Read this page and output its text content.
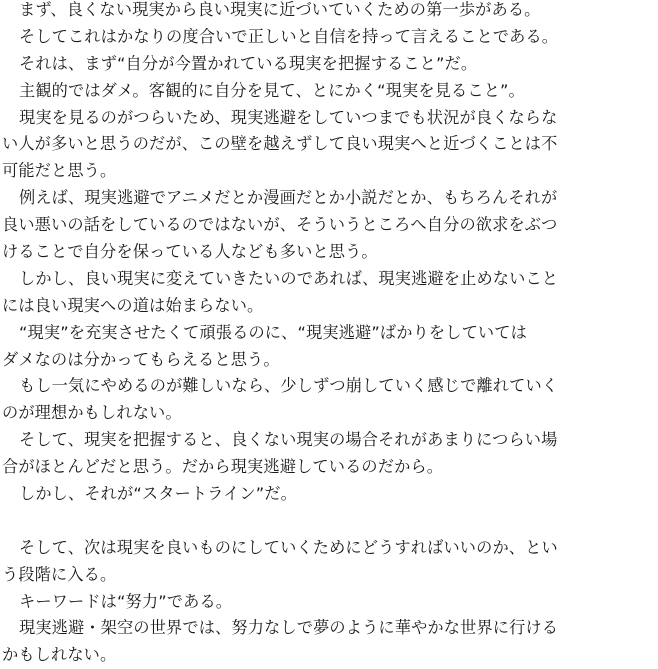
まず、良くない現実から良い現実に近づいていくための第一歩がある。
そしてこれはかなりの度合いで正しいと自信を持って言えることである。
それは、まず“自分が今置かれている現実を把握すること”だ。
主観的ではダメ。客観的に自分を見て、とにかく“現実を見ること”。
現実を見るのがつらいため、現実逃避をしていつまでも状況が良くならな
い人が多いと思うのだが、この壁を越えずして良い現実へと近づくことは不
可能だと思う。
例えば、現実逃避でアニメだとか漫画だとか小説だとか、もちろんそれが
良い悪いの話をしているのではないが、そういうところへ自分の欲求をぶつ
けることで自分を保っている人なども多いと思う。
しかし、良い現実に変えていきたいのであれば、現実逃避を止めないこと
には良い現実への道は始まらない。
“現実”を充実させたくて頑張るのに、“現実逃避”ばかりをしていては
ダメなのは分かってもらえると思う。
もし一気にやめるのが難しいなら、少しずつ崩していく感じで離れていく
のが理想かもしれない。
そして、現実を把握すると、良くない現実の場合それがあまりにつらい場
合がほとんどだと思う。だから現実逃避しているのだから。
しかし、それが“スタートライン”だ。
そして、次は現実を良いものにしていくためにどうすればいいのか、とい
う段階に入る。
キーワードは“努力”である。
現実逃避・架空の世界では、努力なしで夢のように華やかな世界に行ける
かもしれない。
